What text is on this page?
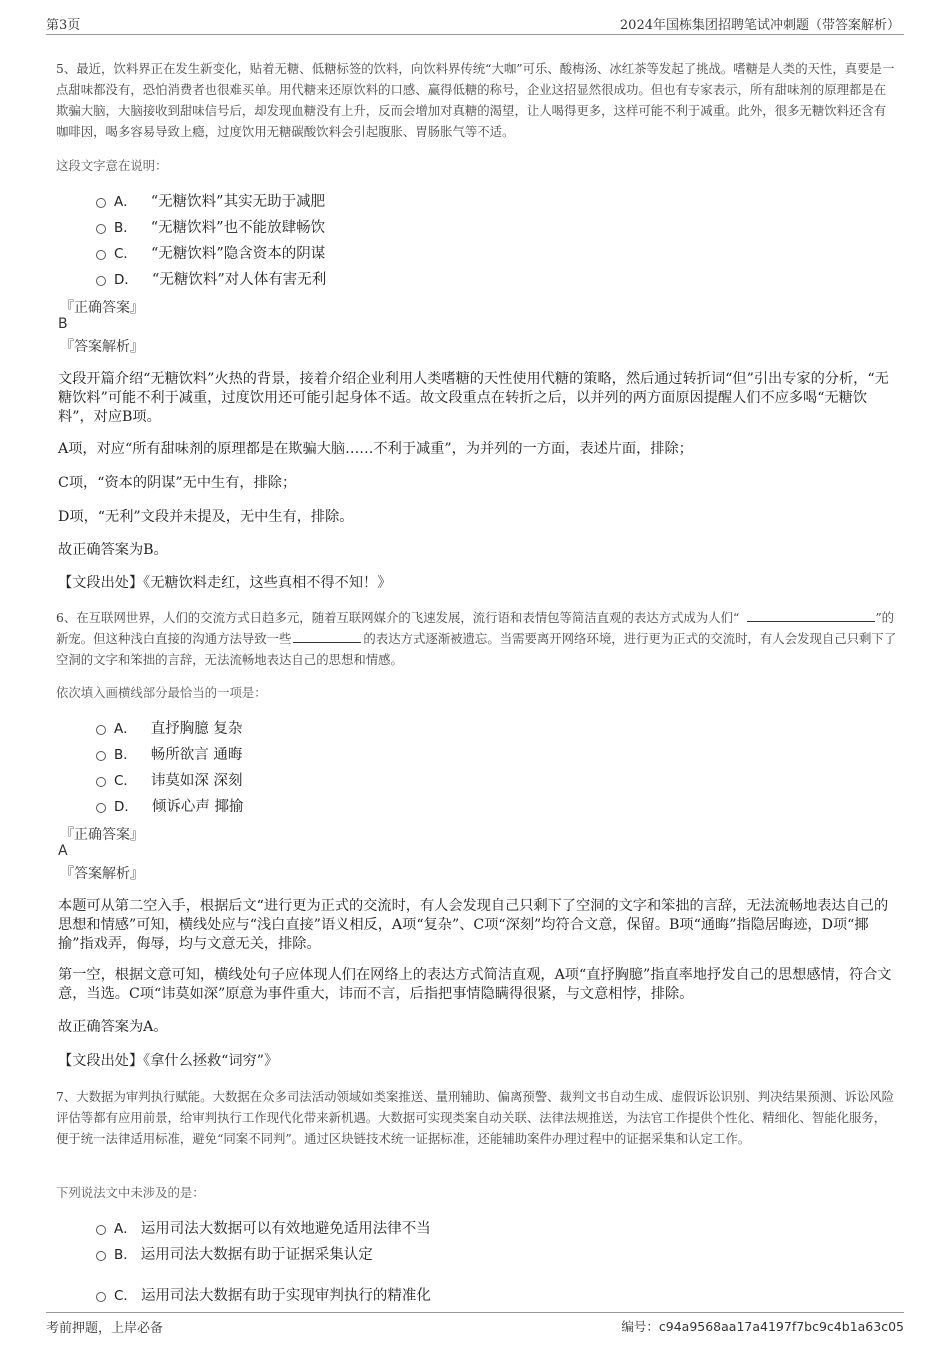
第3页	2024年国栋集团招聘笔试冲刺题（带答案解析）
5、最近，饮料界正在发生新变化，贴着无糖、低糖标签的饮料，向饮料界传统“大咖”可乐、酸梅汤、冰红茶等发起了挑战。嗜糖是人类的天性，真要是一点甜味都没有，恐怕消费者也很难买单。用代糖来还原饮料的口感、赢得低糖的称号，企业这招显然很成功。但也有专家表示，所有甜味剂的原理都是在欺骗大脑，大脑接收到甜味信号后，却发现血糖没有上升，反而会增加对真糖的渴望，让人喝得更多，这样可能不利于减重。此外，很多无糖饮料还含有咖啡因，喝多容易导致上瘾，过度饮用无糖碳酸饮料会引起腹胀、胃肠胀气等不适。
这段文字意在说明：
A． “无糖饮料”其实无助于减肥
B． “无糖饮料”也不能放肆畅饮
C． “无糖饮料”隐含资本的阴谋
D． “无糖饮料”对人体有害无利
『正确答案』
B
『答案解析』
文段开篇介绍“无糖饮料”火热的背景，接着介绍企业利用人类嗜糖的天性使用代糖的策略，然后通过转折词“但”引出专家的分析，“无糖饮料”可能不利于减重，过度饮用还可能引起身体不适。故文段重点在转折之后，以并列的两方面原因提醒人们不应多喝“无糖饮料”，对应B项。
A项，对应“所有甜味剂的原理都是在欺骗大脑……不利于减重”，为并列的一方面，表述片面，排除；
C项，“资本的阴谋”无中生有，排除；
D项，“无利”文段并未提及，无中生有，排除。
故正确答案为B。
【文段出处】《无糖饮料走红，这些真相不得不知！》
6、在互联网世界，人们的交流方式日趋多元，随着互联网媒介的飞速发展，流行语和表情包等简洁直观的表达方式成为人们“	”的新宠。但这种浅白直接的沟通方法导致一些	的表达方式逐渐被遗忘。当需要离开网络环境，进行更为正式的交流时，有人会发现自己只剩下了空洞的文字和笨拙的言辞，无法流畅地表达自己的思想和情感。
依次填入画横线部分最恰当的一项是：
A． 直抒胸臆 复杂
B． 畅所欲言 通晦
C． 讳莫如深 深刻
D． 倾诉心声 揶揄
『正确答案』
A
『答案解析』
本题可从第二空入手，根据后文“进行更为正式的交流时，有人会发现自己只剩下了空洞的文字和笨拙的言辞，无法流畅地表达自己的思想和情感”可知，横线处应与“浅白直接”语义相反，A项“复杂”、C项“深刻”均符合文意，保留。B项“通晦”指隐居晦迹，D项“揶揄”指戏弄，侮辱，均与文意无关，排除。
第一空，根据文意可知，横线处句子应体现人们在网络上的表达方式简洁直观，A项“直抒胸臆”指直率地抒发自己的思想感情，符合文意，当选。C项“讳莫如深”原意为事件重大，讳而不言，后指把事情隐瞒得很紧，与文意相悖，排除。
故正确答案为A。
【文段出处】《拿什么拯救“词穷”》
7、大数据为审判执行赋能。大数据在众多司法活动领域如类案推送、量刑辅助、偏离预警、裁判文书自动生成、虚假诉讼识别、判决结果预测、诉讼风险评估等都有应用前景，给审判执行工作现代化带来新机遇。大数据可实现类案自动关联、法律法规推送，为法官工作提供个性化、精细化、智能化服务，便于统一法律适用标准，避免“同案不同判”。通过区块链技术统一证据标准，还能辅助案件办理过程中的证据采集和认定工作。
下列说法文中未涉及的是：
A． 运用司法大数据可以有效地避免适用法律不当
B． 运用司法大数据有助于证据采集认定
C． 运用司法大数据有助于实现审判执行的精准化
考前押题，上岸必备	编号：c94a9568aa17a4197f7bc9c4b1a63c05
